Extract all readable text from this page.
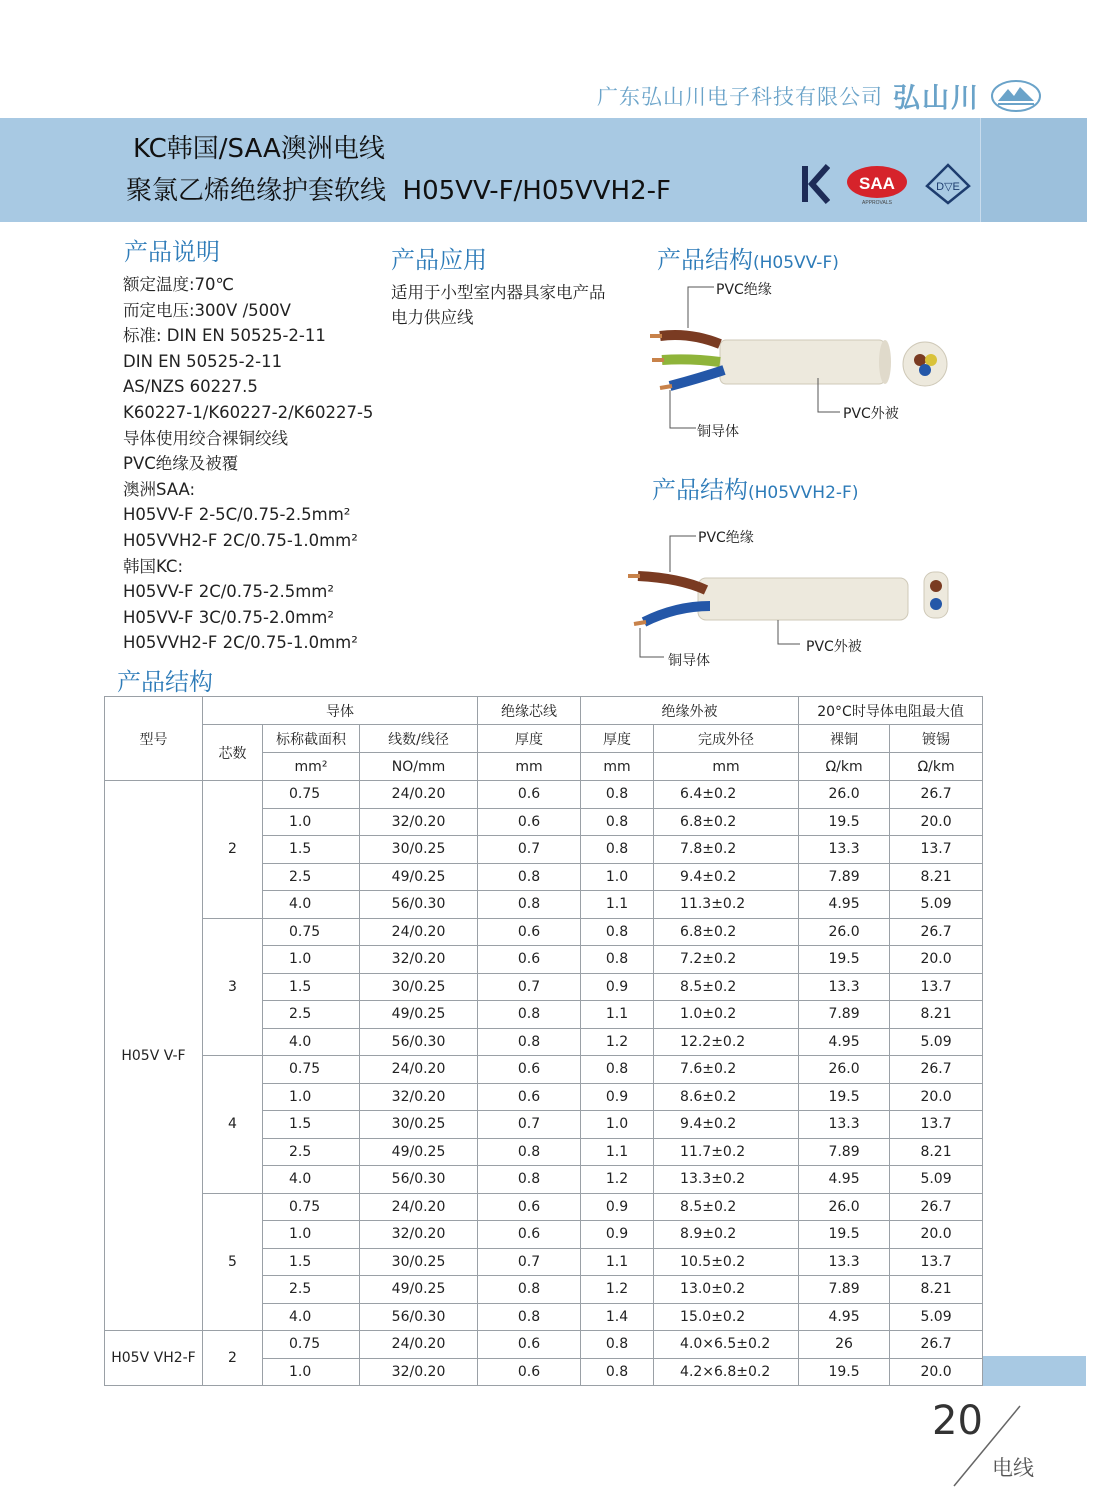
广东弘山川电子科技有限公司 弘山川
KC韩国/SAA澳洲电线
聚氯乙烯绝缘护套软线  H05VV-F/H05VVH2-F	SAA
APPROVALS
D▽E
产品说明
额定温度:70℃
而定电压:300V /500V
标准: DIN EN 50525-2-11
DIN EN 50525-2-11
AS/NZS 60227.5
K60227-1/K60227-2/K60227-5
导体使用绞合裸铜绞线
PVC绝缘及被覆
澳洲SAA:
H05VV-F 2-5C/0.75-2.5mm²
H05VVH2-F 2C/0.75-1.0mm²
韩国KC:
H05VV-F 2C/0.75-2.5mm²
H05VV-F 3C/0.75-2.0mm²
H05VVH2-F 2C/0.75-1.0mm²
产品应用
适用于小型室内器具家电产品电力供应线
产品结构(H05VV-F)
PVC绝缘
PVC外被
铜导体
产品结构(H05VVH2-F)
PVC绝缘
PVC外被
铜导体
产品结构
型号	导体			绝缘芯线	绝缘外被		20°C时导体电阻最大值	
	芯数	标称截面积	线数/线径	厚度	厚度	完成外径	裸铜	镀锡
		mm²	NO/mm	mm	mm	mm	Ω/km	Ω/km
H05V V-F	2	0.75	24/0.20	0.6	0.8	6.4±0.2	26.0	26.7
		1.0	32/0.20	0.6	0.8	6.8±0.2	19.5	20.0
		1.5	30/0.25	0.7	0.8	7.8±0.2	13.3	13.7
		2.5	49/0.25	0.8	1.0	9.4±0.2	7.89	8.21
		4.0	56/0.30	0.8	1.1	11.3±0.2	4.95	5.09
	3	0.75	24/0.20	0.6	0.8	6.8±0.2	26.0	26.7
		1.0	32/0.20	0.6	0.8	7.2±0.2	19.5	20.0
		1.5	30/0.25	0.7	0.9	8.5±0.2	13.3	13.7
		2.5	49/0.25	0.8	1.1	1.0±0.2	7.89	8.21
		4.0	56/0.30	0.8	1.2	12.2±0.2	4.95	5.09
	4	0.75	24/0.20	0.6	0.8	7.6±0.2	26.0	26.7
		1.0	32/0.20	0.6	0.9	8.6±0.2	19.5	20.0
		1.5	30/0.25	0.7	1.0	9.4±0.2	13.3	13.7
		2.5	49/0.25	0.8	1.1	11.7±0.2	7.89	8.21
		4.0	56/0.30	0.8	1.2	13.3±0.2	4.95	5.09
	5	0.75	24/0.20	0.6	0.9	8.5±0.2	26.0	26.7
		1.0	32/0.20	0.6	0.9	8.9±0.2	19.5	20.0
		1.5	30/0.25	0.7	1.1	10.5±0.2	13.3	13.7
		2.5	49/0.25	0.8	1.2	13.0±0.2	7.89	8.21
		4.0	56/0.30	0.8	1.4	15.0±0.2	4.95	5.09
H05V VH2-F	2	0.75	24/0.20	0.6	0.8	4.0×6.5±0.2	26	26.7
		1.0	32/0.20	0.6	0.8	4.2×6.8±0.2	19.5	20.0
20
电线
